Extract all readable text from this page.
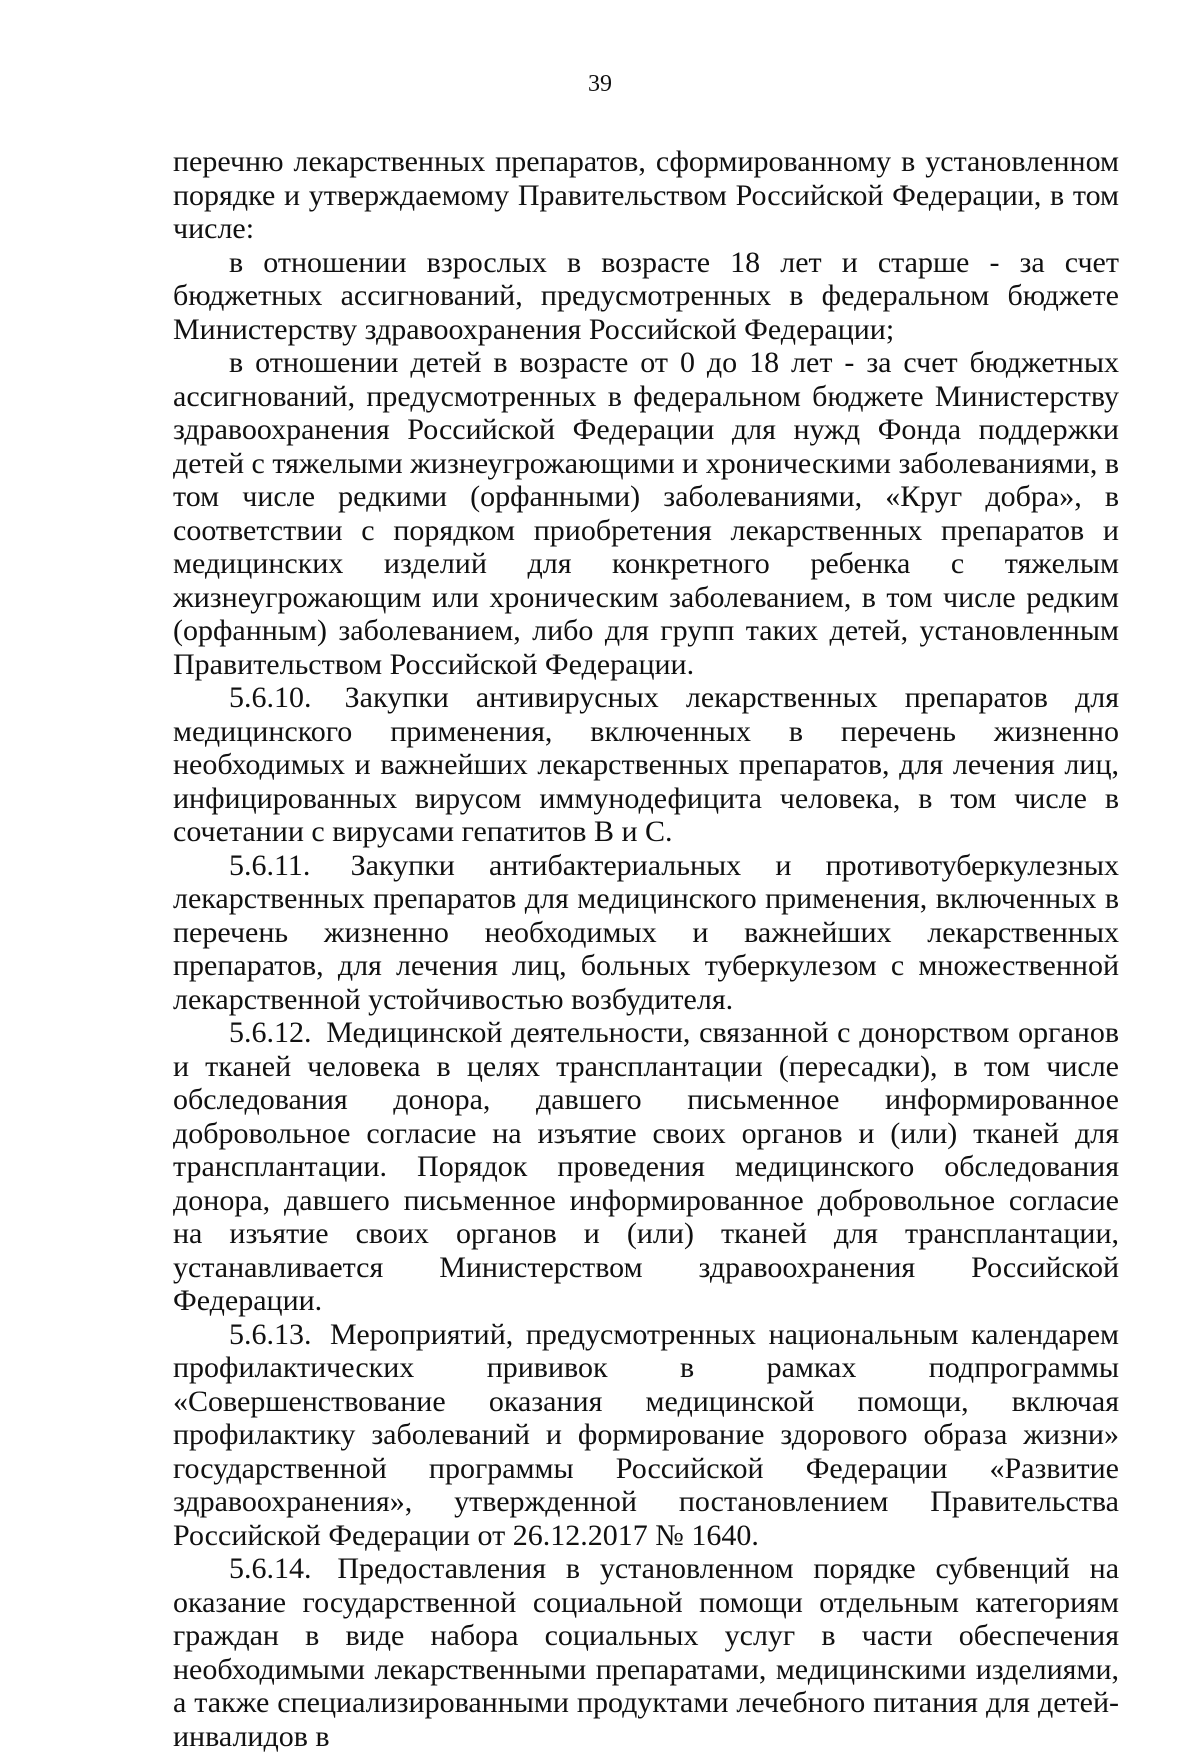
39

перечню лекарственных препаратов, сформированному в установленном порядке и утверждаемому Правительством Российской Федерации, в том числе:

в отношении взрослых в возрасте 18 лет и старше - за счет бюджетных ассигнований, предусмотренных в федеральном бюджете Министерству здравоохранения Российской Федерации;

в отношении детей в возрасте от 0 до 18 лет - за счет бюджетных ассигнований, предусмотренных в федеральном бюджете Министерству здравоохранения Российской Федерации для нужд Фонда поддержки детей с тяжелыми жизнеугрожающими и хроническими заболеваниями, в том числе редкими (орфанными) заболеваниями, «Круг добра», в соответствии с порядком приобретения лекарственных препаратов и медицинских изделий для конкретного ребенка с тяжелым жизнеугрожающим или хроническим заболеванием, в том числе редким (орфанным) заболеванием, либо для групп таких детей, установленным Правительством Российской Федерации.

5.6.10. Закупки антивирусных лекарственных препаратов для медицинского применения, включенных в перечень жизненно необходимых и важнейших лекарственных препаратов, для лечения лиц, инфицированных вирусом иммунодефицита человека, в том числе в сочетании с вирусами гепатитов В и С.

5.6.11. Закупки антибактериальных и противотуберкулезных лекарственных препаратов для медицинского применения, включенных в перечень жизненно необходимых и важнейших лекарственных препаратов, для лечения лиц, больных туберкулезом с множественной лекарственной устойчивостью возбудителя.

5.6.12. Медицинской деятельности, связанной с донорством органов и тканей человека в целях трансплантации (пересадки), в том числе обследования донора, давшего письменное информированное добровольное согласие на изъятие своих органов и (или) тканей для трансплантации. Порядок проведения медицинского обследования донора, давшего письменное информированное добровольное согласие на изъятие своих органов и (или) тканей для трансплантации, устанавливается Министерством здравоохранения Российской Федерации.

5.6.13. Мероприятий, предусмотренных национальным календарем профилактических прививок в рамках подпрограммы «Совершенствование оказания медицинской помощи, включая профилактику заболеваний и формирование здорового образа жизни» государственной программы Российской Федерации «Развитие здравоохранения», утвержденной постановлением Правительства Российской Федерации от 26.12.2017 № 1640.

5.6.14. Предоставления в установленном порядке субвенций на оказание государственной социальной помощи отдельным категориям граждан в виде набора социальных услуг в части обеспечения необходимыми лекарственными препаратами, медицинскими изделиями, а также специализированными продуктами лечебного питания для детей-инвалидов в
